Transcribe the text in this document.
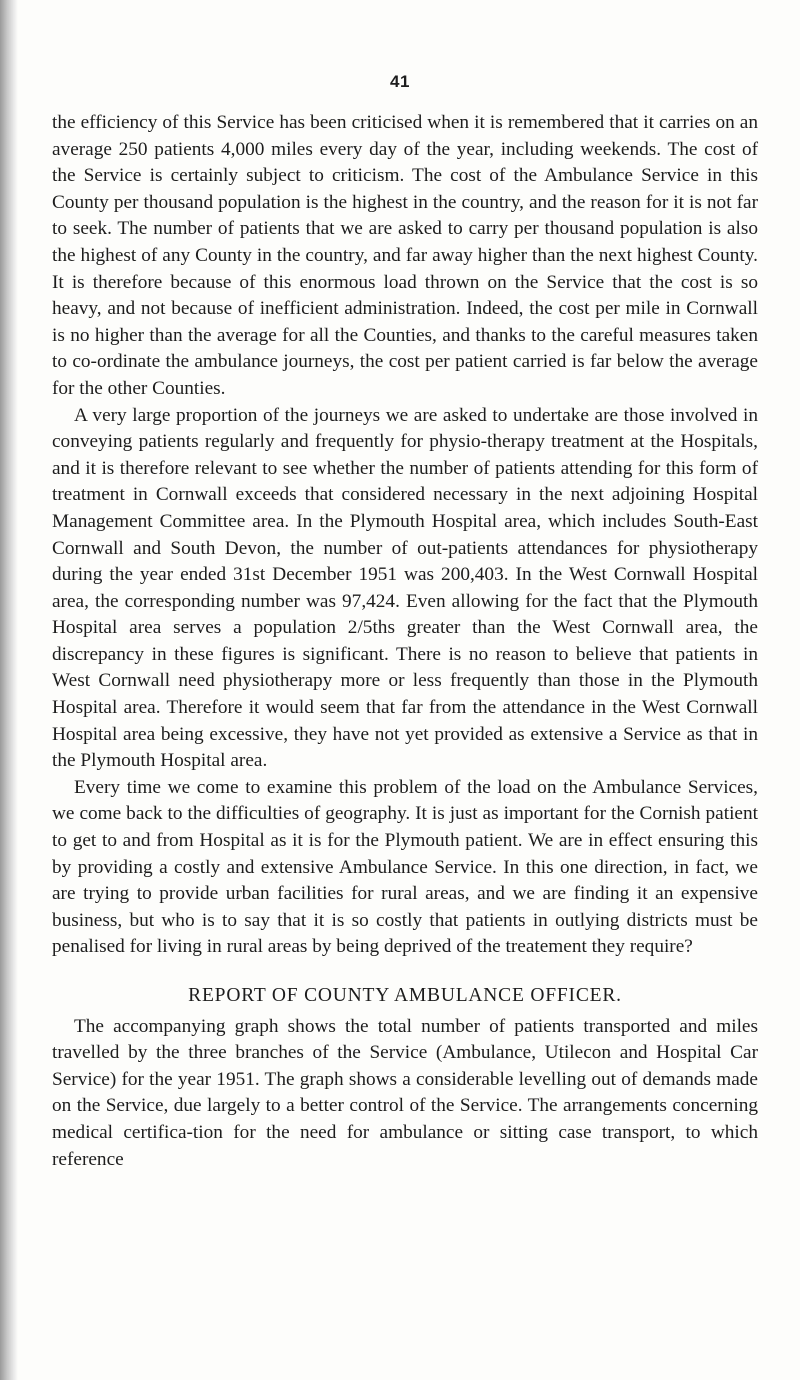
41

the efficiency of this Service has been criticised when it is remembered that it carries on an average 250 patients 4,000 miles every day of the year, including weekends. The cost of the Service is certainly subject to criticism. The cost of the Ambulance Service in this County per thousand population is the highest in the country, and the reason for it is not far to seek. The number of patients that we are asked to carry per thousand population is also the highest of any County in the country, and far away higher than the next highest County. It is therefore because of this enormous load thrown on the Service that the cost is so heavy, and not because of inefficient administration. Indeed, the cost per mile in Cornwall is no higher than the average for all the Counties, and thanks to the careful measures taken to co-ordinate the ambulance journeys, the cost per patient carried is far below the average for the other Counties.

A very large proportion of the journeys we are asked to undertake are those involved in conveying patients regularly and frequently for physio-therapy treatment at the Hospitals, and it is therefore relevant to see whether the number of patients attending for this form of treatment in Cornwall exceeds that considered necessary in the next adjoining Hospital Management Committee area. In the Plymouth Hospital area, which includes South-East Cornwall and South Devon, the number of out-patients attendances for physiotherapy during the year ended 31st December 1951 was 200,403. In the West Cornwall Hospital area, the corresponding number was 97,424. Even allowing for the fact that the Plymouth Hospital area serves a population 2/5ths greater than the West Cornwall area, the discrepancy in these figures is significant. There is no reason to believe that patients in West Cornwall need physiotherapy more or less frequently than those in the Plymouth Hospital area. Therefore it would seem that far from the attendance in the West Cornwall Hospital area being excessive, they have not yet provided as extensive a Service as that in the Plymouth Hospital area.

Every time we come to examine this problem of the load on the Ambulance Services, we come back to the difficulties of geography. It is just as important for the Cornish patient to get to and from Hospital as it is for the Plymouth patient. We are in effect ensuring this by providing a costly and extensive Ambulance Service. In this one direction, in fact, we are trying to provide urban facilities for rural areas, and we are finding it an expensive business, but who is to say that it is so costly that patients in outlying districts must be penalised for living in rural areas by being deprived of the treatement they require?

REPORT OF COUNTY AMBULANCE OFFICER.

The accompanying graph shows the total number of patients transported and miles travelled by the three branches of the Service (Ambulance, Utilecon and Hospital Car Service) for the year 1951. The graph shows a considerable levelling out of demands made on the Service, due largely to a better control of the Service. The arrangements concerning medical certifica-tion for the need for ambulance or sitting case transport, to which reference
